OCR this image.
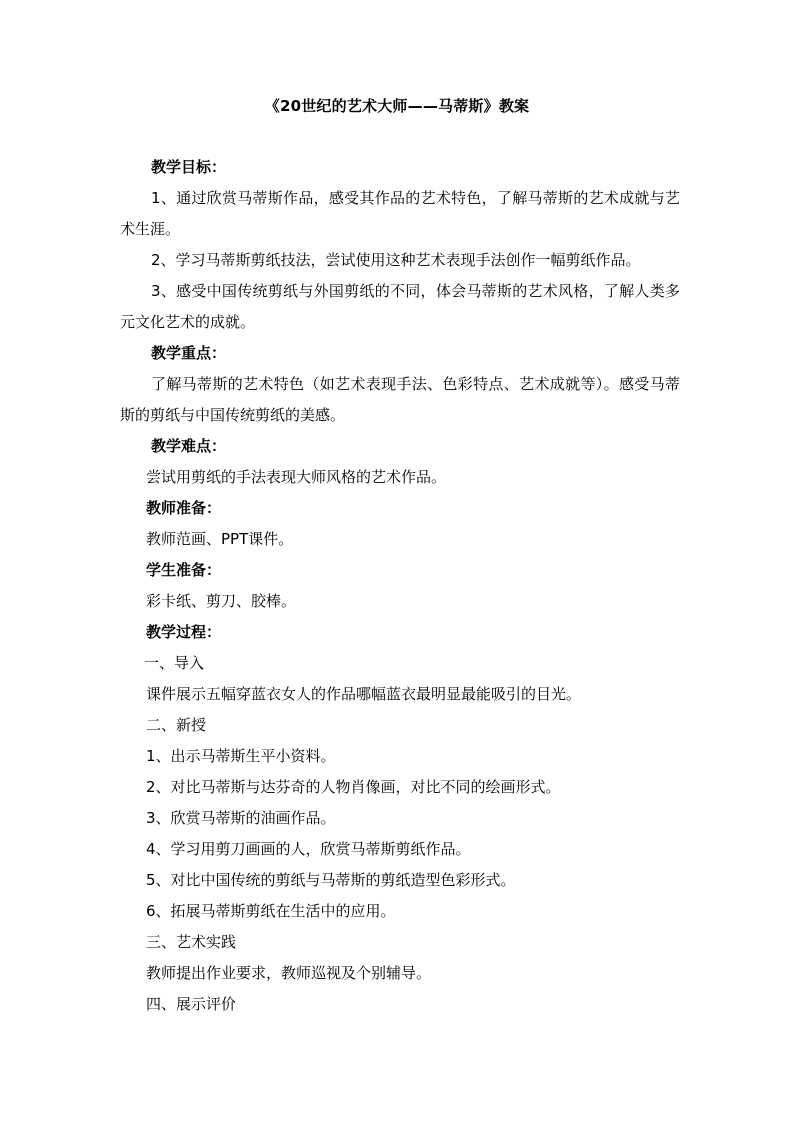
《20世纪的艺术大师——马蒂斯》教案
教学目标：
1、通过欣赏马蒂斯作品，感受其作品的艺术特色，了解马蒂斯的艺术成就与艺术生涯。
2、学习马蒂斯剪纸技法，尝试使用这种艺术表现手法创作一幅剪纸作品。
3、感受中国传统剪纸与外国剪纸的不同，体会马蒂斯的艺术风格，了解人类多元文化艺术的成就。
教学重点：
了解马蒂斯的艺术特色（如艺术表现手法、色彩特点、艺术成就等）。感受马蒂斯的剪纸与中国传统剪纸的美感。
教学难点：
尝试用剪纸的手法表现大师风格的艺术作品。
教师准备：
教师范画、PPT课件。
学生准备：
彩卡纸、剪刀、胶棒。
教学过程：
一、导入
课件展示五幅穿蓝衣女人的作品哪幅蓝衣最明显最能吸引的目光。
二、新授
1、出示马蒂斯生平小资料。
2、对比马蒂斯与达芬奇的人物肖像画，对比不同的绘画形式。
3、欣赏马蒂斯的油画作品。
4、学习用剪刀画画的人，欣赏马蒂斯剪纸作品。
5、对比中国传统的剪纸与马蒂斯的剪纸造型色彩形式。
6、拓展马蒂斯剪纸在生活中的应用。
三、艺术实践
教师提出作业要求，教师巡视及个别辅导。
四、展示评价
